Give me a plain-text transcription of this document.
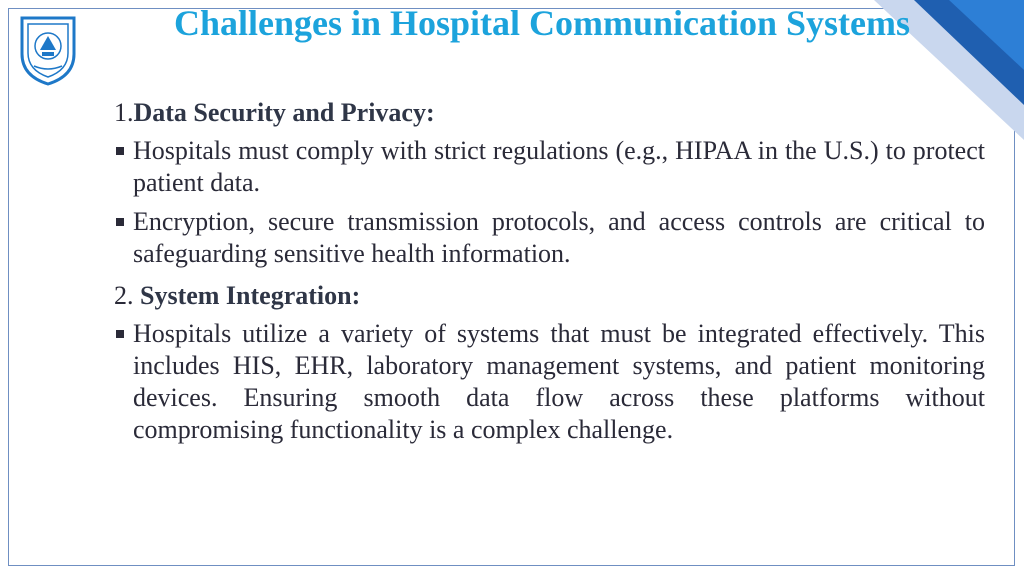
Challenges in Hospital Communication Systems
1.Data Security and Privacy:
Hospitals must comply with strict regulations (e.g., HIPAA in the U.S.) to protect patient data.
Encryption, secure transmission protocols, and access controls are critical to safeguarding sensitive health information.
2. System Integration:
Hospitals utilize a variety of systems that must be integrated effectively. This includes HIS, EHR, laboratory management systems, and patient monitoring devices. Ensuring smooth data flow across these platforms without compromising functionality is a complex challenge.
